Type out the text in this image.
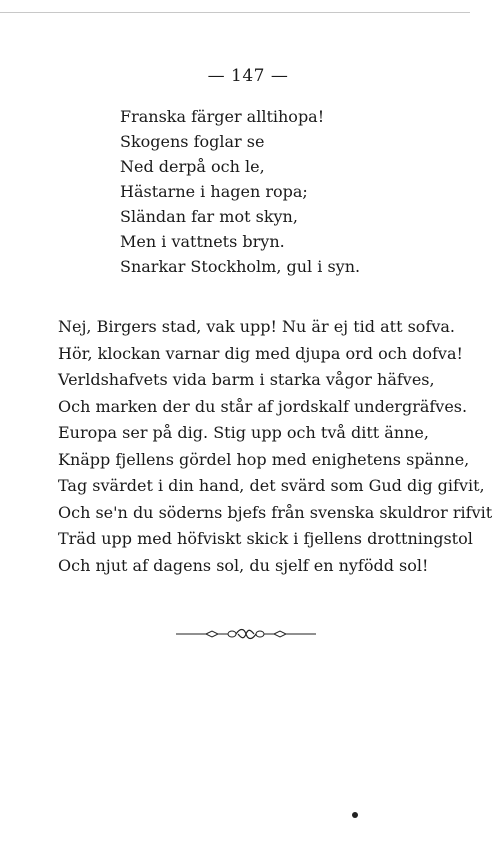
— 147 —
Franska färger alltihopa!
Skogens foglar se
Ned derpå och le,
Hästarne i hagen ropa;
Sländan far mot skyn,
Men i vattnets bryn.
Snarkar Stockholm, gul i syn.
Nej, Birgers stad, vak upp! Nu är ej tid att sofva.
Hör, klockan varnar dig med djupa ord och dofva!
Verldshafvets vida barm i starka vågor häfves,
Och marken der du står af jordskalf undergräfves.
Europa ser på dig. Stig upp och två ditt änne,
Knäpp fjellens gördel hop med enighetens spänne,
Tag svärdet i din hand, det svärd som Gud dig gifvit,
Och se'n du söderns bjefs från svenska skuldror rifvit
Träd upp med höfviskt skick i fjellens drottningstol
Och njut af dagens sol, du sjelf en nyfödd sol!
